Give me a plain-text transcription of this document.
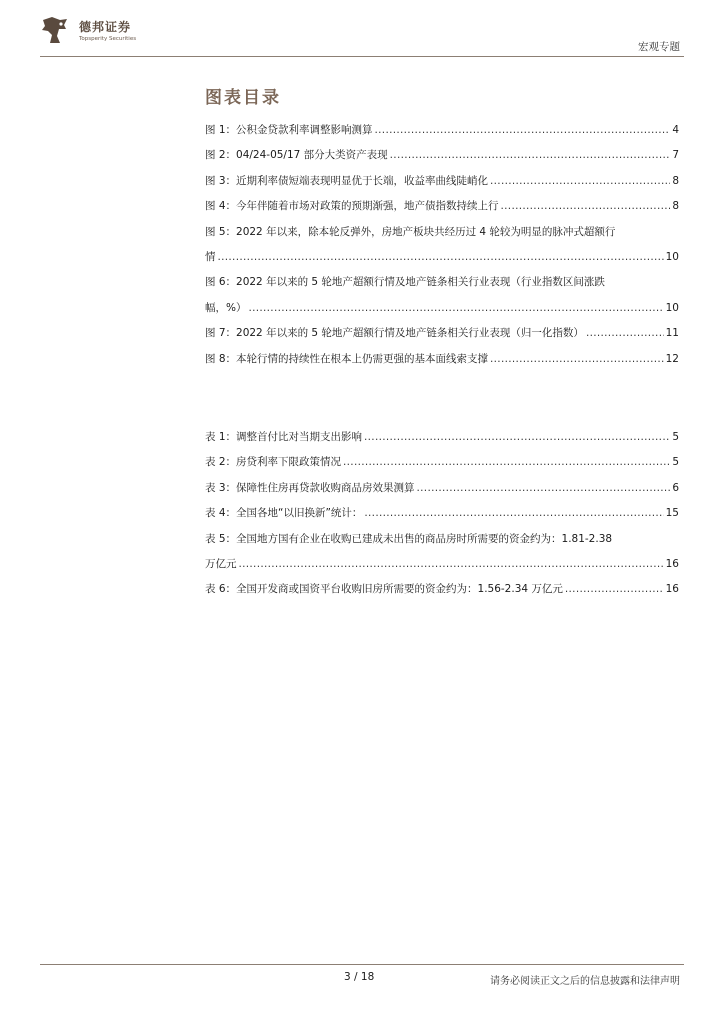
德邦证券
Topsperity Securities
宏观专题
图表目录
图 1：公积金贷款利率调整影响测算 .....	4
图 2：04/24-05/17 部分大类资产表现 .....	7
图 3：近期利率债短端表现明显优于长端，收益率曲线陡峭化 .....	8
图 4：今年伴随着市场对政策的预期渐强，地产债指数持续上行 .....	8
图 5：2022 年以来，除本轮反弹外，房地产板块共经历过 4 轮较为明显的脉冲式超额行
情 .....	10
图 6：2022 年以来的 5 轮地产超额行情及地产链条相关行业表现（行业指数区间涨跌
幅，%） .....	10
图 7：2022 年以来的 5 轮地产超额行情及地产链条相关行业表现（归一化指数） .....	11
图 8：本轮行情的持续性在根本上仍需更强的基本面线索支撑 .....	12
表 1：调整首付比对当期支出影响 .....	5
表 2：房贷利率下限政策情况 .....	5
表 3：保障性住房再贷款收购商品房效果测算 .....	6
表 4：全国各地“以旧换新”统计： .....	15
表 5：全国地方国有企业在收购已建成未出售的商品房时所需要的资金约为：1.81-2.38
万亿元 .....	16
表 6：全国开发商或国资平台收购旧房所需要的资金约为：1.56-2.34 万亿元 .....	16
3 / 18	请务必阅读正文之后的信息披露和法律声明
